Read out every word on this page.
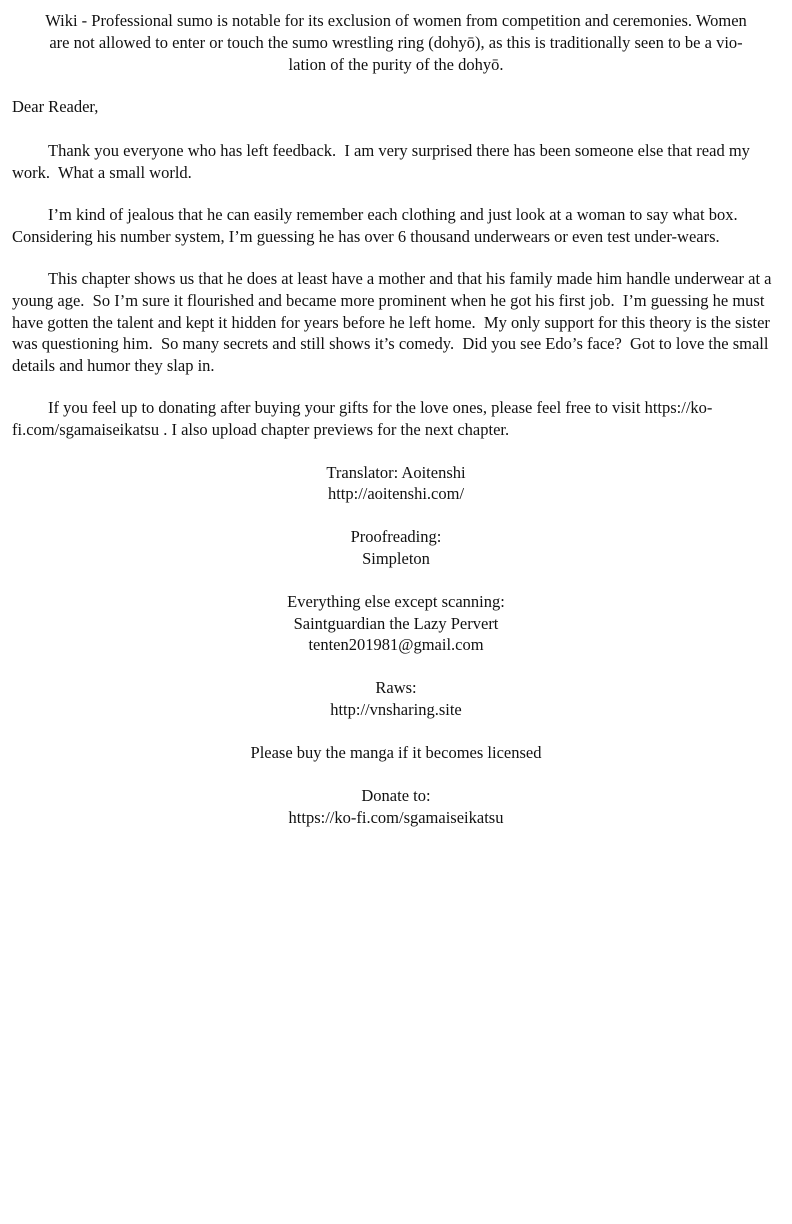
Wiki - Professional sumo is notable for its exclusion of women from competition and ceremonies. Women
are not allowed to enter or touch the sumo wrestling ring (dohyō), as this is traditionally seen to be a vio-
lation of the purity of the dohyō.
Dear Reader,

Thank you everyone who has left feedback.  I am very surprised there has been someone else that read my work.  What a small world.

I’m kind of jealous that he can easily remember each clothing and just look at a woman to say what box.  Considering his number system, I’m guessing he has over 6 thousand underwears or even test under-wears.

This chapter shows us that he does at least have a mother and that his family made him handle underwear at a young age.  So I’m sure it flourished and became more prominent when he got his first job.  I’m guessing he must have gotten the talent and kept it hidden for years before he left home.  My only support for this theory is the sister was questioning him.  So many secrets and still shows it’s comedy.  Did you see Edo’s face?  Got to love the small details and humor they slap in.

If you feel up to donating after buying your gifts for the love ones, please feel free to visit https://ko-fi.com/sgamaiseikatsu . I also upload chapter previews for the next chapter.

Translator: Aoitenshi
http://aoitenshi.com/
Proofreading:
Simpleton
Everything else except scanning:
Saintguardian the Lazy Pervert
tenten201981@gmail.com
Raws:
http://vnsharing.site
Please buy the manga if it becomes licensed
Donate to:
https://ko-fi.com/sgamaiseikatsu
